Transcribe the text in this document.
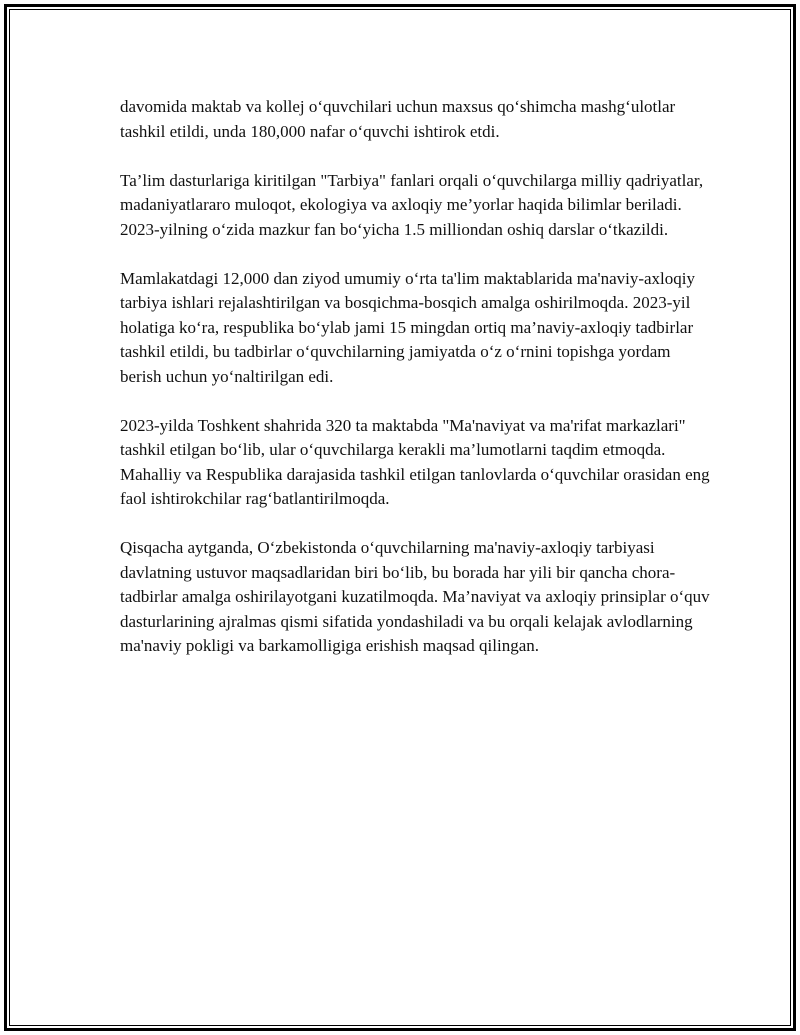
davomida maktab va kollej o‘quvchilari uchun maxsus qo‘shimcha mashg‘ulotlar tashkil etildi, unda 180,000 nafar o‘quvchi ishtirok etdi.

Ta’lim dasturlariga kiritilgan "Tarbiya" fanlari orqali o‘quvchilarga milliy qadriyatlar, madaniyatlararo muloqot, ekologiya va axloqiy me’yorlar haqida bilimlar beriladi. 2023-yilning o‘zida mazkur fan bo‘yicha 1.5 milliondan oshiq darslar o‘tkazildi.

Mamlakatdagi 12,000 dan ziyod umumiy o‘rta ta'lim maktablarida ma'naviy-axloqiy tarbiya ishlari rejalashtirilgan va bosqichma-bosqich amalga oshirilmoqda. 2023-yil holatiga ko‘ra, respublika bo‘ylab jami 15 mingdan ortiq ma’naviy-axloqiy tadbirlar tashkil etildi, bu tadbirlar o‘quvchilarning jamiyatda o‘z o‘rnini topishga yordam berish uchun yo‘naltirilgan edi.

2023-yilda Toshkent shahrida 320 ta maktabda "Ma'naviyat va ma'rifat markazlari" tashkil etilgan bo‘lib, ular o‘quvchilarga kerakli ma’lumotlarni taqdim etmoqda. Mahalliy va Respublika darajasida tashkil etilgan tanlovlarda o‘quvchilar orasidan eng faol ishtirokchilar rag‘batlantirilmoqda.

Qisqacha aytganda, O‘zbekistonda o‘quvchilarning ma'naviy-axloqiy tarbiyasi davlatning ustuvor maqsadlaridan biri bo‘lib, bu borada har yili bir qancha chora-tadbirlar amalga oshirilayotgani kuzatilmoqda. Ma’naviyat va axloqiy prinsiplar o‘quv dasturlarining ajralmas qismi sifatida yondashiladi va bu orqali kelajak avlodlarning ma'naviy pokligi va barkamolligiga erishish maqsad qilingan.
